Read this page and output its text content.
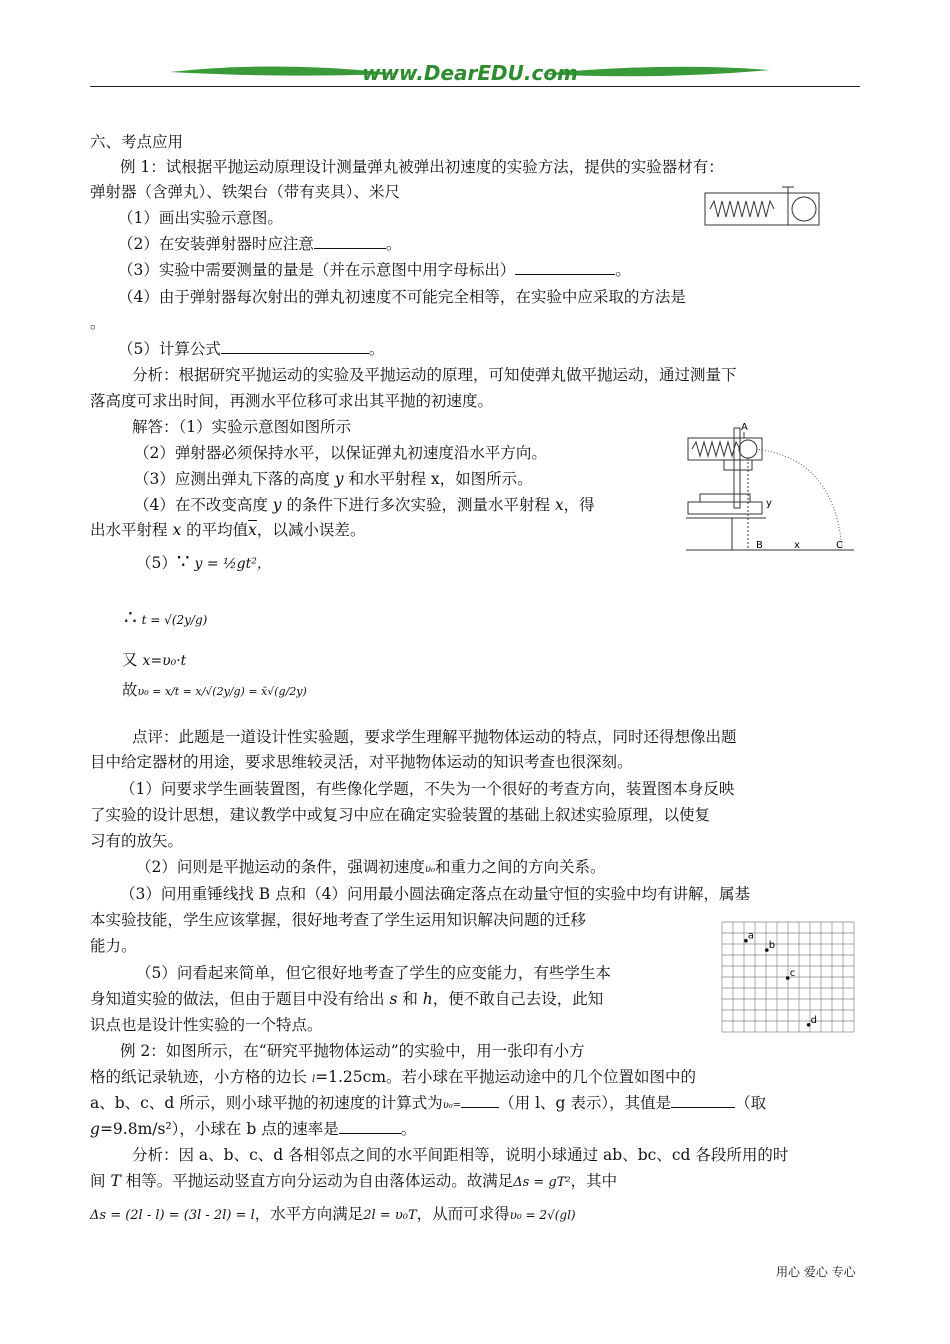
www.DearEDU.com
六、考点应用
例 1：试根据平抛运动原理设计测量弹丸被弹出初速度的实验方法，提供的实验器材有：
弹射器（含弹丸）、铁架台（带有夹具）、米尺
（1）画出实验示意图。
（2）在安装弹射器时应注意	。
（3）实验中需要测量的量是（并在示意图中用字母标出）	。
（4）由于弹射器每次射出的弹丸初速度不可能完全相等，在实验中应采取的方法是
。
（5）计算公式	。
分析：根据研究平抛运动的实验及平抛运动的原理，可知使弹丸做平抛运动，通过测量下
落高度可求出时间，再测水平位移可求出其平抛的初速度。
解答：（1）实验示意图如图所示
（2）弹射器必须保持水平，以保证弹丸初速度沿水平方向。
（3）应测出弹丸下落的高度 y 和水平射程 x，如图所示。
（4）在不改变高度 y 的条件下进行多次实验，测量水平射程 x，得
出水平射程 x 的平均值$\overline{x}$，以减小误差。
A
y
B	x	C
（5）∵ y = ½gt²，
∴ t = √(2y/g)
又 x=υ₀·t
故υ₀ = x/t = x/√(2y/g) = x̄√(g/2y)
点评：此题是一道设计性实验题，要求学生理解平抛物体运动的特点，同时还得想像出题
目中给定器材的用途，要求思维较灵活，对平抛物体运动的知识考查也很深刻。
（1）问要求学生画装置图，有些像化学题，不失为一个很好的考查方向，装置图本身反映
了实验的设计思想，建议教学中或复习中应在确定实验装置的基础上叙述实验原理，以使复
习有的放矢。
（2）问则是平抛运动的条件，强调初速度υ₀和重力之间的方向关系。
（3）问用重锤线找 B 点和（4）问用最小圆法确定落点在动量守恒的实验中均有讲解，属基
本实验技能，学生应该掌握，很好地考查了学生运用知识解决问题的迁移
能力。
（5）问看起来简单，但它很好地考查了学生的应变能力，有些学生本
身知道实验的做法，但由于题目中没有给出 s 和 h，便不敢自己去设，此知
识点也是设计性实验的一个特点。
a
b
c
d
例 2：如图所示，在“研究平抛物体运动”的实验中，用一张印有小方
格的纸记录轨迹，小方格的边长 l=1.25cm。若小球在平抛运动途中的几个位置如图中的
a、b、c、d 所示，则小球平抛的初速度的计算式为υ₀= （用 l、g 表示），其值是	（取
g=9.8m/s²），小球在 b 点的速率是	。
分析：因 a、b、c、d 各相邻点之间的水平间距相等，说明小球通过 ab、bc、cd 各段所用的时
间 T 相等。平抛运动竖直方向分运动为自由落体运动。故满足Δs = gT²，其中
Δs = (2l - l) = (3l - 2l) = l，水平方向满足2l = υ₀T，从而可求得υ₀ = 2√(gl)
用心 爱心 专心
